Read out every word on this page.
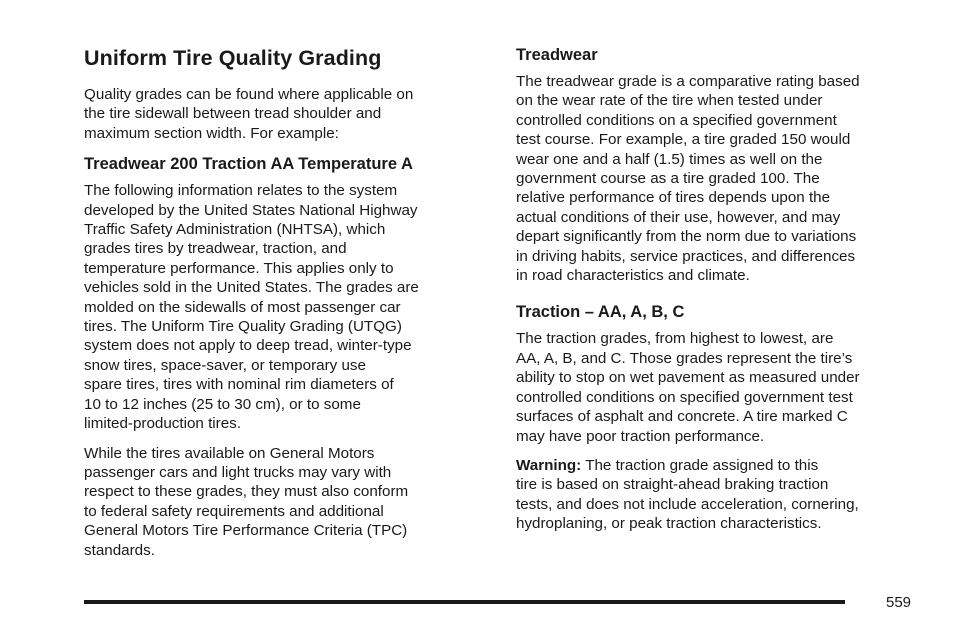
Uniform Tire Quality Grading

Quality grades can be found where applicable on
the tire sidewall between tread shoulder and
maximum section width. For example:

Treadwear 200 Traction AA Temperature A

The following information relates to the system
developed by the United States National Highway
Traffic Safety Administration (NHTSA), which
grades tires by treadwear, traction, and
temperature performance. This applies only to
vehicles sold in the United States. The grades are
molded on the sidewalls of most passenger car
tires. The Uniform Tire Quality Grading (UTQG)
system does not apply to deep tread, winter-type
snow tires, space-saver, or temporary use
spare tires, tires with nominal rim diameters of
10 to 12 inches (25 to 30 cm), or to some
limited-production tires.

While the tires available on General Motors
passenger cars and light trucks may vary with
respect to these grades, they must also conform
to federal safety requirements and additional
General Motors Tire Performance Criteria (TPC)
standards.

Treadwear

The treadwear grade is a comparative rating based
on the wear rate of the tire when tested under
controlled conditions on a specified government
test course. For example, a tire graded 150 would
wear one and a half (1.5) times as well on the
government course as a tire graded 100. The
relative performance of tires depends upon the
actual conditions of their use, however, and may
depart significantly from the norm due to variations
in driving habits, service practices, and differences
in road characteristics and climate.

Traction – AA, A, B, C

The traction grades, from highest to lowest, are
AA, A, B, and C. Those grades represent the tire’s
ability to stop on wet pavement as measured under
controlled conditions on specified government test
surfaces of asphalt and concrete. A tire marked C
may have poor traction performance.

Warning: The traction grade assigned to this
tire is based on straight-ahead braking traction
tests, and does not include acceleration, cornering,
hydroplaning, or peak traction characteristics.

559
